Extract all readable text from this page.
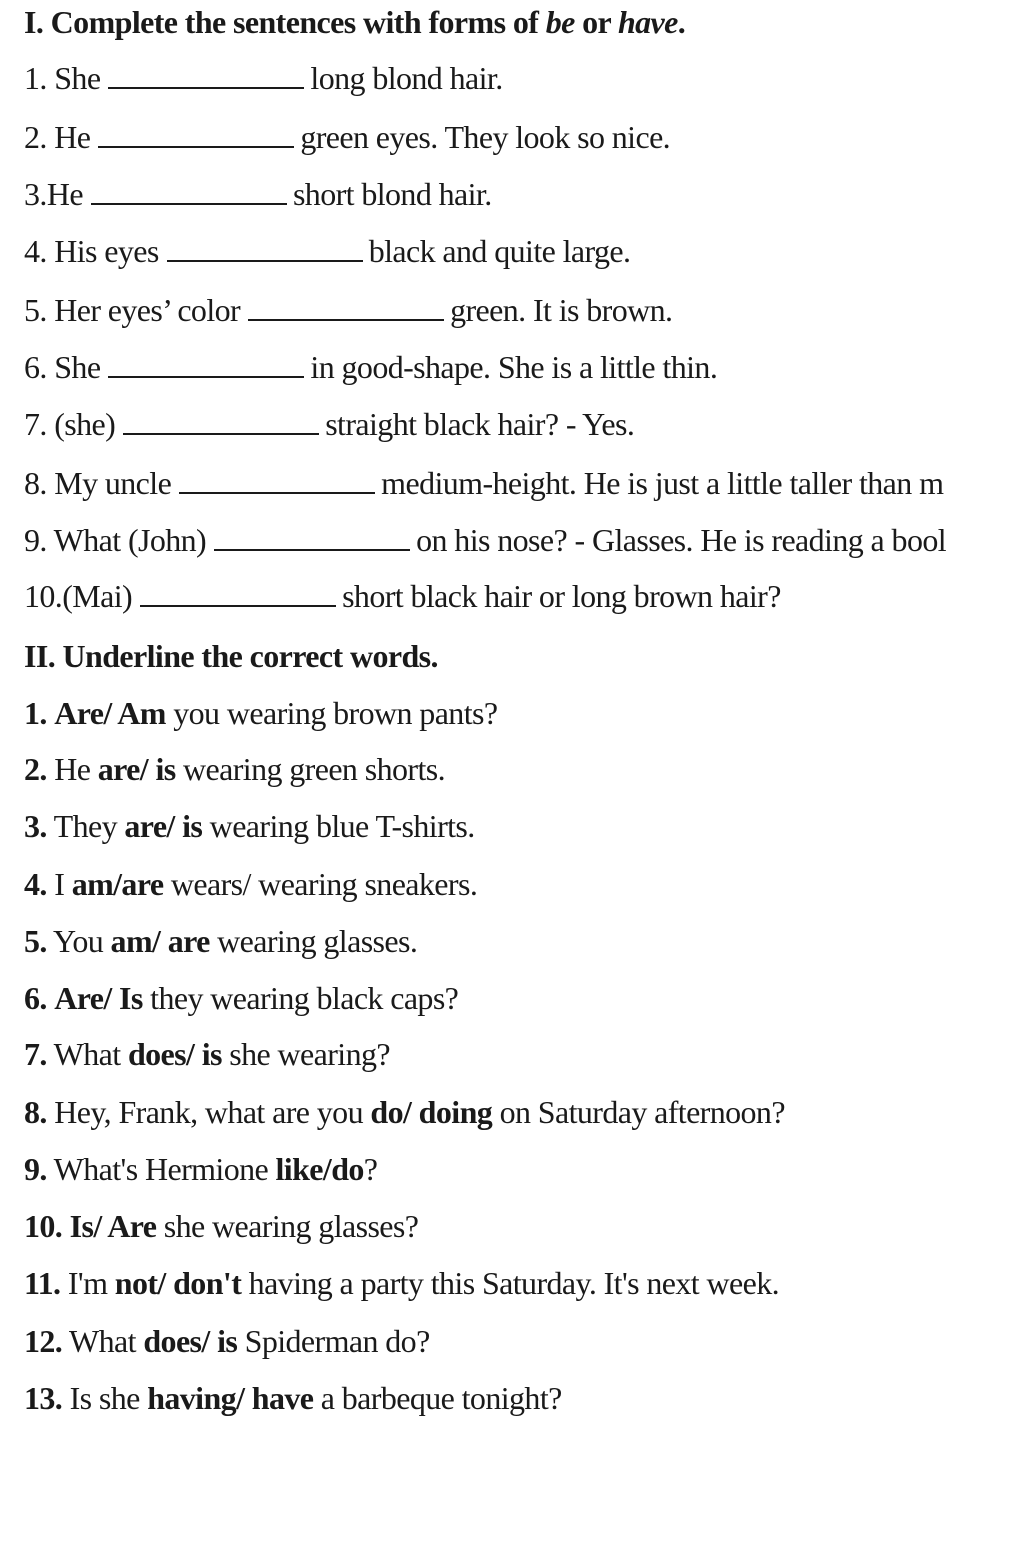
I. Complete the sentences with forms of be or have.
1. She	long blond hair.
2. He	green eyes. They look so nice.
3.He	short blond hair.
4. His eyes	black and quite large.
5. Her eyes’ color	green. It is brown.
6. She	in good-shape. She is a little thin.
7. (she)	straight black hair? - Yes.
8. My uncle	medium-height. He is just a little taller than m
9. What (John)	on his nose? - Glasses. He is reading a bool
10.(Mai)	short black hair or long brown hair?
II. Underline the correct words.
1. Are/ Am you wearing brown pants?
2. He are/ is wearing green shorts.
3. They are/ is wearing blue T-shirts.
4. I am/are wears/ wearing sneakers.
5. You am/ are wearing glasses.
6. Are/ Is they wearing black caps?
7. What does/ is she wearing?
8. Hey, Frank, what are you do/ doing on Saturday afternoon?
9. What's Hermione like/do?
10. Is/ Are she wearing glasses?
11. I'm not/ don't having a party this Saturday. It's next week.
12. What does/ is Spiderman do?
13. Is she having/ have a barbeque tonight?
